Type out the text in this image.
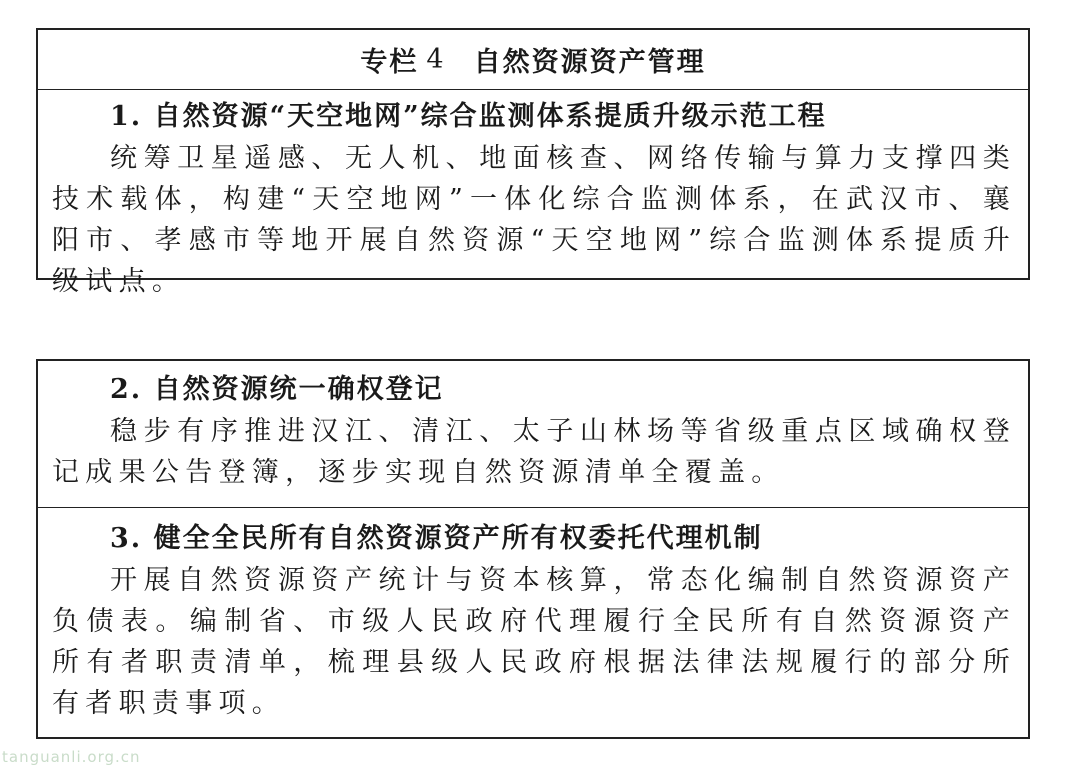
专栏 4 自然资源资产管理
1. 自然资源“天空地网”综合监测体系提质升级示范工程

统筹卫星遥感、无人机、地面核查、网络传输与算力支撑四类技术载体，构建“天空地网”一体化综合监测体系，在武汉市、襄阳市、孝感市等地开展自然资源“天空地网”综合监测体系提质升级试点。

2. 自然资源统一确权登记

稳步有序推进汉江、清江、太子山林场等省级重点区域确权登记成果公告登簿，逐步实现自然资源清单全覆盖。

3. 健全全民所有自然资源资产所有权委托代理机制

开展自然资源资产统计与资本核算，常态化编制自然资源资产负债表。编制省、市级人民政府代理履行全民所有自然资源资产所有者职责清单，梳理县级人民政府根据法律法规履行的部分所有者职责事项。

tanguanli.org.cn
